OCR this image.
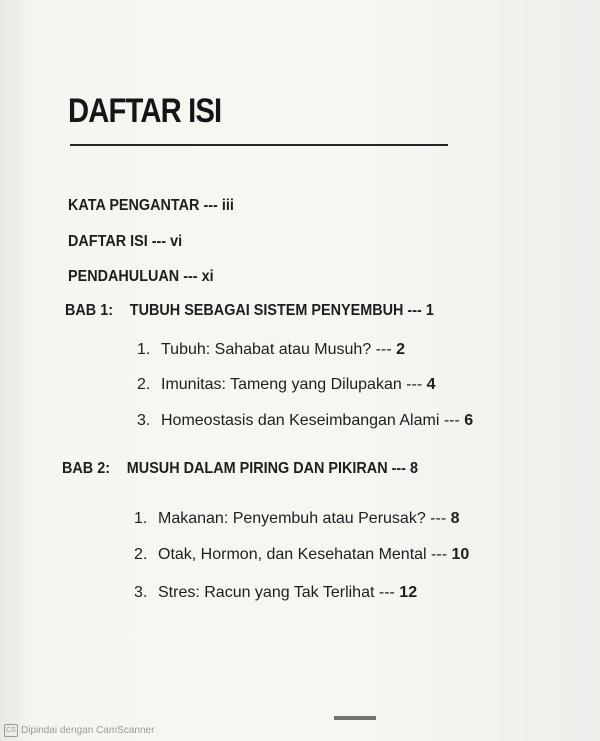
DAFTAR ISI
KATA PENGANTAR --- iii
DAFTAR ISI --- vi
PENDAHULUAN --- xi
BAB 1: TUBUH SEBAGAI SISTEM PENYEMBUH --- 1
1. Tubuh: Sahabat atau Musuh? --- 2
2. Imunitas: Tameng yang Dilupakan --- 4
3. Homeostasis dan Keseimbangan Alami --- 6
BAB 2: MUSUH DALAM PIRING DAN PIKIRAN --- 8
1. Makanan: Penyembuh atau Perusak? --- 8
2. Otak, Hormon, dan Kesehatan Mental --- 10
3. Stres: Racun yang Tak Terlihat --- 12
CS Dipindai dengan CamScanner
